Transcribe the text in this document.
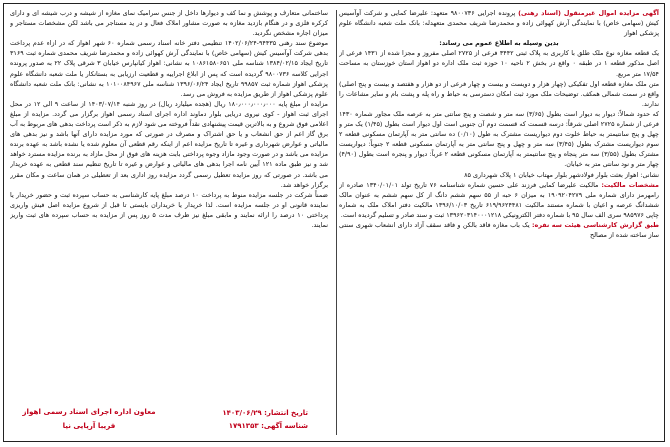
آگهی مزایده اموال غیرمنقول (اسناد رهنی) پرونده اجرایی ۹۸۰۰۷۳۶ متعهد: علیرضا کمایی و شرکت آوآسیس کیش (سهامی خاص) با نمایندگی آرش کهوائی زاده و محمدرضا شریف محمدی متعهدله: بانک ملت شعبه دانشگاه علوم پزشکی اهواز

بدین وسیله به اطلاع عموم می رساند:

یک قطعه مغازه نوع ملک طلق با کاربری به پلاک ثبتی ۳۴۴۲ فرعی از ۲۷۲۵ اصلی مفروز و مجزا شده از ۱۴۳۱ فرعی از اصل مذکور قطعه ۱ در طبقه ۰ واقع در بخش ۲ ناحیه ۱۰ حوزه ثبت ملک اداره دو اهواز استان خوزستان به مساحت ۱۷/۵۴ متر مربع.

متن ملک مغازه قطعه اول تفکیکی (چهار هزار و دویست و بیست و چهار فرعی از دو هزار و هفتصد و بیست و پنج اصلی) واقع در سمت شمالی همکف. توضیحات ملک مورد ثبت امکان دسترسی به حیاط و راه پله و پشت بام و سایر مشاعات را ندارند.

که حدود شمالاً: دیوار به دیوار است بطول (۳/۶۵) سه متر و شصت و پنج سانتی متر به عرصه ملک مجاور شماره ۱۴۳۰ فرعی از شماره ۲۷۲۵ اصلی شرقاً: درسه قسمت که قسمت دوم آن جنوبی است اول دیوار است بطول (۱/۴۵) یک متر و چهل و پنج سانتیمتر به حیاط خلوت دوم دیواریست مشترک به طول (۰/۱۰) ده سانتی متر به آپارتمان مسکونی قطعه ۲ سوم دیواریست مشترک بطول (۳/۴۵) سه متر و چهل و پنج سانتی متر به آپارتمان مسکونی قطعه ۲ جنوباً: دیواریست مشترک بطول (۳/۵۵) سه متر پنجاه و پنج سانتیمتر به آپارتمان مسکونی قطعه ۲ غرباً: دیوار و پنجره است بطول (۴/۹۰) چهار متر و نود سانتی متر به خیابان.

نشانی: اهواز بعثت بلوار فولادشهر بلوار مهتاب خیابان ۱ پلاک شهرداری ۸۵

مشخصات مالکیت: مالکیت علیرضا کمایی فرزند علی حسین شماره شناسنامه ۷۶ تاریخ تولد ۱۳۴۰/۰۱/۰۱ صادره از رامهرمز دارای شماره ملی ۱۹۰۹۲۰۴۲۷۹ به میزان ۶ حبه از ۵۵ سهم ششم دانگ از کل سهم ششم به عنوان مالک ششدانگ عرصه و اعیان با شماره مستند مالکیت ۶۱۹/۹۶۲۴۴۸۱ تاریخ ۱۳۹۶/۱۰/۰۳ مالکیت دفتر املاک ملک به شماره چاپی ۹۸۵۹۷۶ سری الف سال ۹۵ با شماره دفتر الکترونیکی ۱۳۹۶۲۰۳۱۴۰۰۰۱۲۱۸ ثبت و سند صادر و تسلیم گردیده است.

طبق گزارش کارشناسی هیئت سه نفره: یک باب مغازه فاقد بالکن و فاقد سقف آزاد دارای انشعاب شهری سنتی ساز ساخته شده از مصالح

ساختمانی متعارف و پوشش و نما کف و دیوارها داخل از جنس سرامیک نمای مغازه از شیشه و درب شیشه ای و دارای کرکره فلزی و در هنگام بازدید مغازه به صورت مشاور املاک فعال و در ید مستاجر می باشد لکن مشخصات مستاجر و میزان اجاره مشخص نگردید.

موضوع سند رهنی ۹۴۴۳۵-۱۴۰۲/۰۶/۲۴ تنظیمی دفتر خانه اسناد رسمی شماره ۶۰ شهر اهواز که در ازاء عدم پرداخت بدهی شرکت آوآسیس کیش (سهامی خاص) با نمایندگی آرش کهوائی زاده و محمدرضا شریف محمدی شماره ثبت ۳۱۶۹ تاریخ ایجاد ۱۳۸۴/۰۲/۱۵ شناسه ملی ۱۰۸۶۱۵۸۰۶۵۱ به نشانی: اهواز کیانپارس خیابان ۳ شرقی پلاک ۲۲ به صدور پرونده اجرایی کلاسه ۹۸۰۰۷۳۶ گردیده است که پس از ابلاغ اجراییه و قطعیت ارزیابی به بستانکار یا ملت شعبه دانشگاه علوم پزشکی اهواز شماره ثبت ۹۹۸۵۷ تاریخ ایجاد ۱۳۹۶/۰۶/۲۴ شناسه ملی ۱۰۱۰۰۸۴۹۶۷ به نشانی: بانک ملت شعبه دانشگاه علوم پزشکی اهواز از طریق مزایده به فروش می رسد.

مزایده از مبلغ پایه ۱۸۰٫۰۰۰٫۰۰۰٫۰۰۰ ریال (هجده میلیارد ریال) در روز شنبه ۱۴۰۳/۰۷/۱۴ از ساعت ۹ الی ۱۲ در محل اجرای ثبت اهواز - کوی نیروی دریایی بلوار دماوند اداره اجرای اسناد رسمی اهواز برگزار می گردد. مزایده از مبلغ اعلامی فوق شروع و به بالاترین قیمت پیشنهادی نقداً فروخته می شود لازم به ذکر است پرداخت بدهی های مربوط به آب برق گاز اعم از حق انشعاب و یا حق اشتراک و مصرف در صورتی که مورد مزایده دارای آنها باشد و نیز بدهی های مالیاتی و عوارض شهرداری و غیره تا تاریخ مزایده اعم از اینکه رقم قطعی آن معلوم شده یا نشده باشد به عهده برنده مزایده می باشد و در صورت وجود مازاد وجوه پرداختی بابت هزینه های فوق از محل مازاد به برنده مزایده مسترد خواهد شد و نیز طبق ماده ۱۲۱ آیین نامه اجرا بدهی های مالیاتی و عوارض و غیره تا تاریخ تنظیم سند قطعی به عهده خریدار می باشد. در صورتی که روز مزایده تعطیل رسمی گردد مزایده روز اداری بعد از تعطیلی در همان ساعت و مکان مقرر برگزار خواهد شد.

ضمناً شرکت در جلسه مزایده منوط به پرداخت ۱۰ درصد مبلغ پایه کارشناسی به حساب سپرده ثبت و حضور خریدار یا نماینده قانونی او در جلسه مزایده است. لذا خریدار یا خریداران بایستی تا قبل از شروع مزایده اصل فیش واریزی پرداختی ۱۰ درصد را ارائه نمایند و مابقی مبلغ نیز ظرف مدت ۵ روز پس از مزایده به حساب سپرده های ثبت واریز نمایند.

تاریخ انتشار: ۱۴۰۳/۰۶/۲۹
شناسه آگهی: ۱۷۹۱۳۵۳
معاون اداره اجرای اسناد رسمی اهواز
فریبا آریایی نیا
